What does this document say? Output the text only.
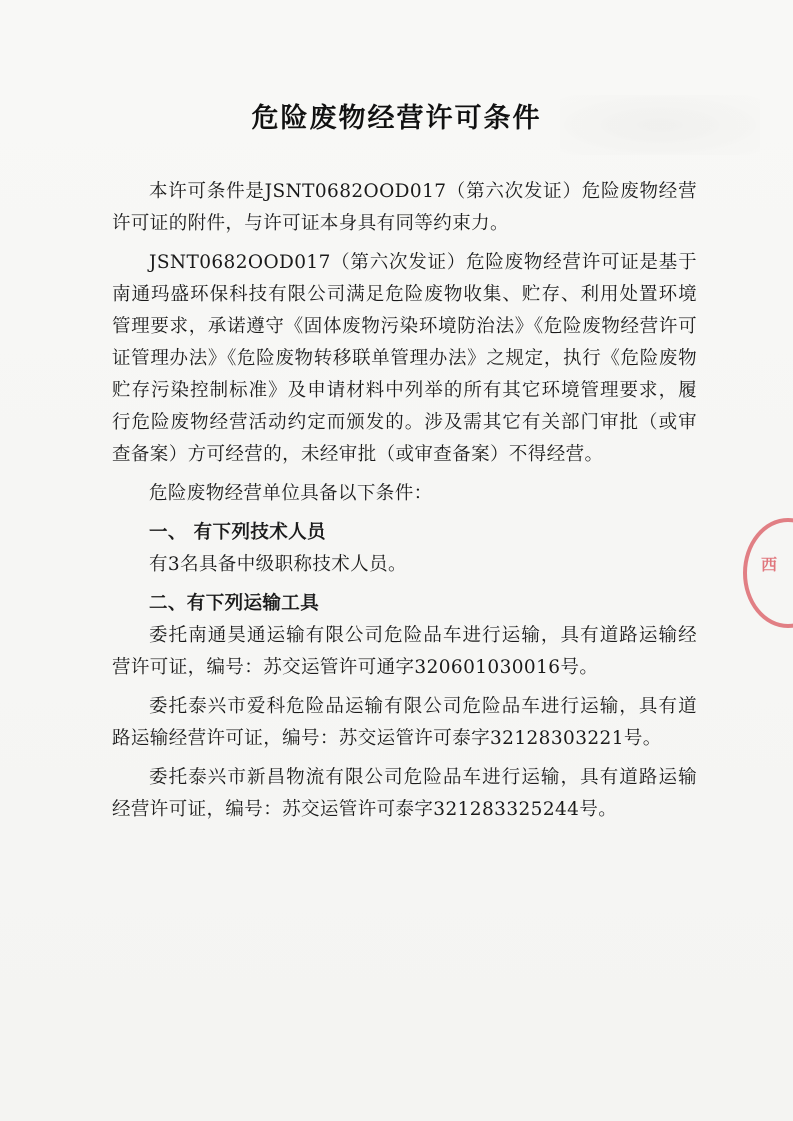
危险废物经营许可条件

本许可条件是JSNT0682OOD017（第六次发证）危险废物经营许可证的附件，与许可证本身具有同等约束力。

JSNT0682OOD017（第六次发证）危险废物经营许可证是基于南通玛盛环保科技有限公司满足危险废物收集、贮存、利用处置环境管理要求，承诺遵守《固体废物污染环境防治法》《危险废物经营许可证管理办法》《危险废物转移联单管理办法》之规定，执行《危险废物贮存污染控制标准》及申请材料中列举的所有其它环境管理要求，履行危险废物经营活动约定而颁发的。涉及需其它有关部门审批（或审查备案）方可经营的，未经审批（或审查备案）不得经营。

危险废物经营单位具备以下条件：

一、 有下列技术人员

有3名具备中级职称技术人员。

二、有下列运输工具

委托南通昊通运输有限公司危险品车进行运输，具有道路运输经营许可证，编号：苏交运管许可通字320601030016号。

委托泰兴市爱科危险品运输有限公司危险品车进行运输，具有道路运输经营许可证，编号：苏交运管许可泰字32128303221号。

委托泰兴市新昌物流有限公司危险品车进行运输，具有道路运输经营许可证，编号：苏交运管许可泰字321283325244号。

西
